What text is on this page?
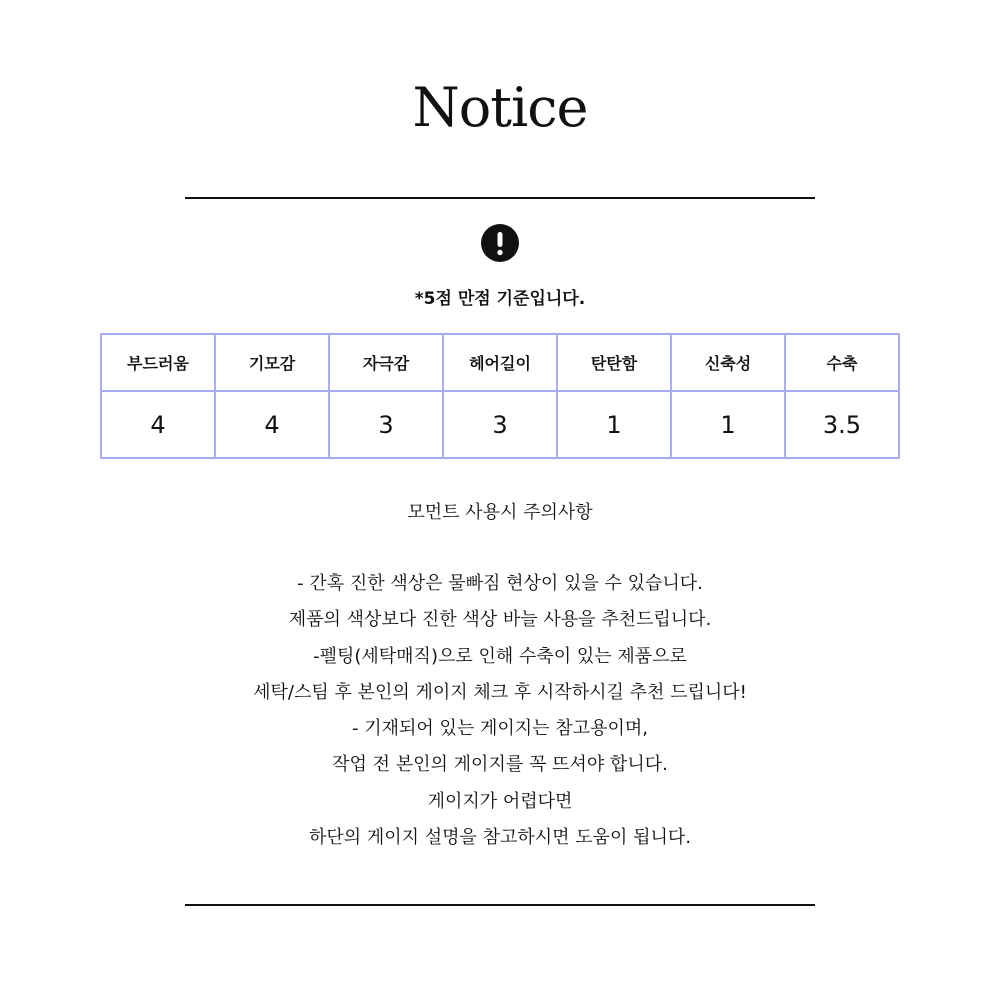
Notice
*5점 만점 기준입니다.
부드러움	기모감	자극감	헤어길이	탄탄함	신축성	수축
4	4	3	3	1	1	3.5
모먼트 사용시 주의사항
- 간혹 진한 색상은 물빠짐 현상이 있을 수 있습니다.
제품의 색상보다 진한 색상 바늘 사용을 추천드립니다.
-펠팅(세탁매직)으로 인해 수축이 있는 제품으로
세탁/스팀 후 본인의 게이지 체크 후 시작하시길 추천 드립니다!
- 기재되어 있는 게이지는 참고용이며,
작업 전 본인의 게이지를 꼭 뜨셔야 합니다.
게이지가 어렵다면
하단의 게이지 설명을 참고하시면 도움이 됩니다.
